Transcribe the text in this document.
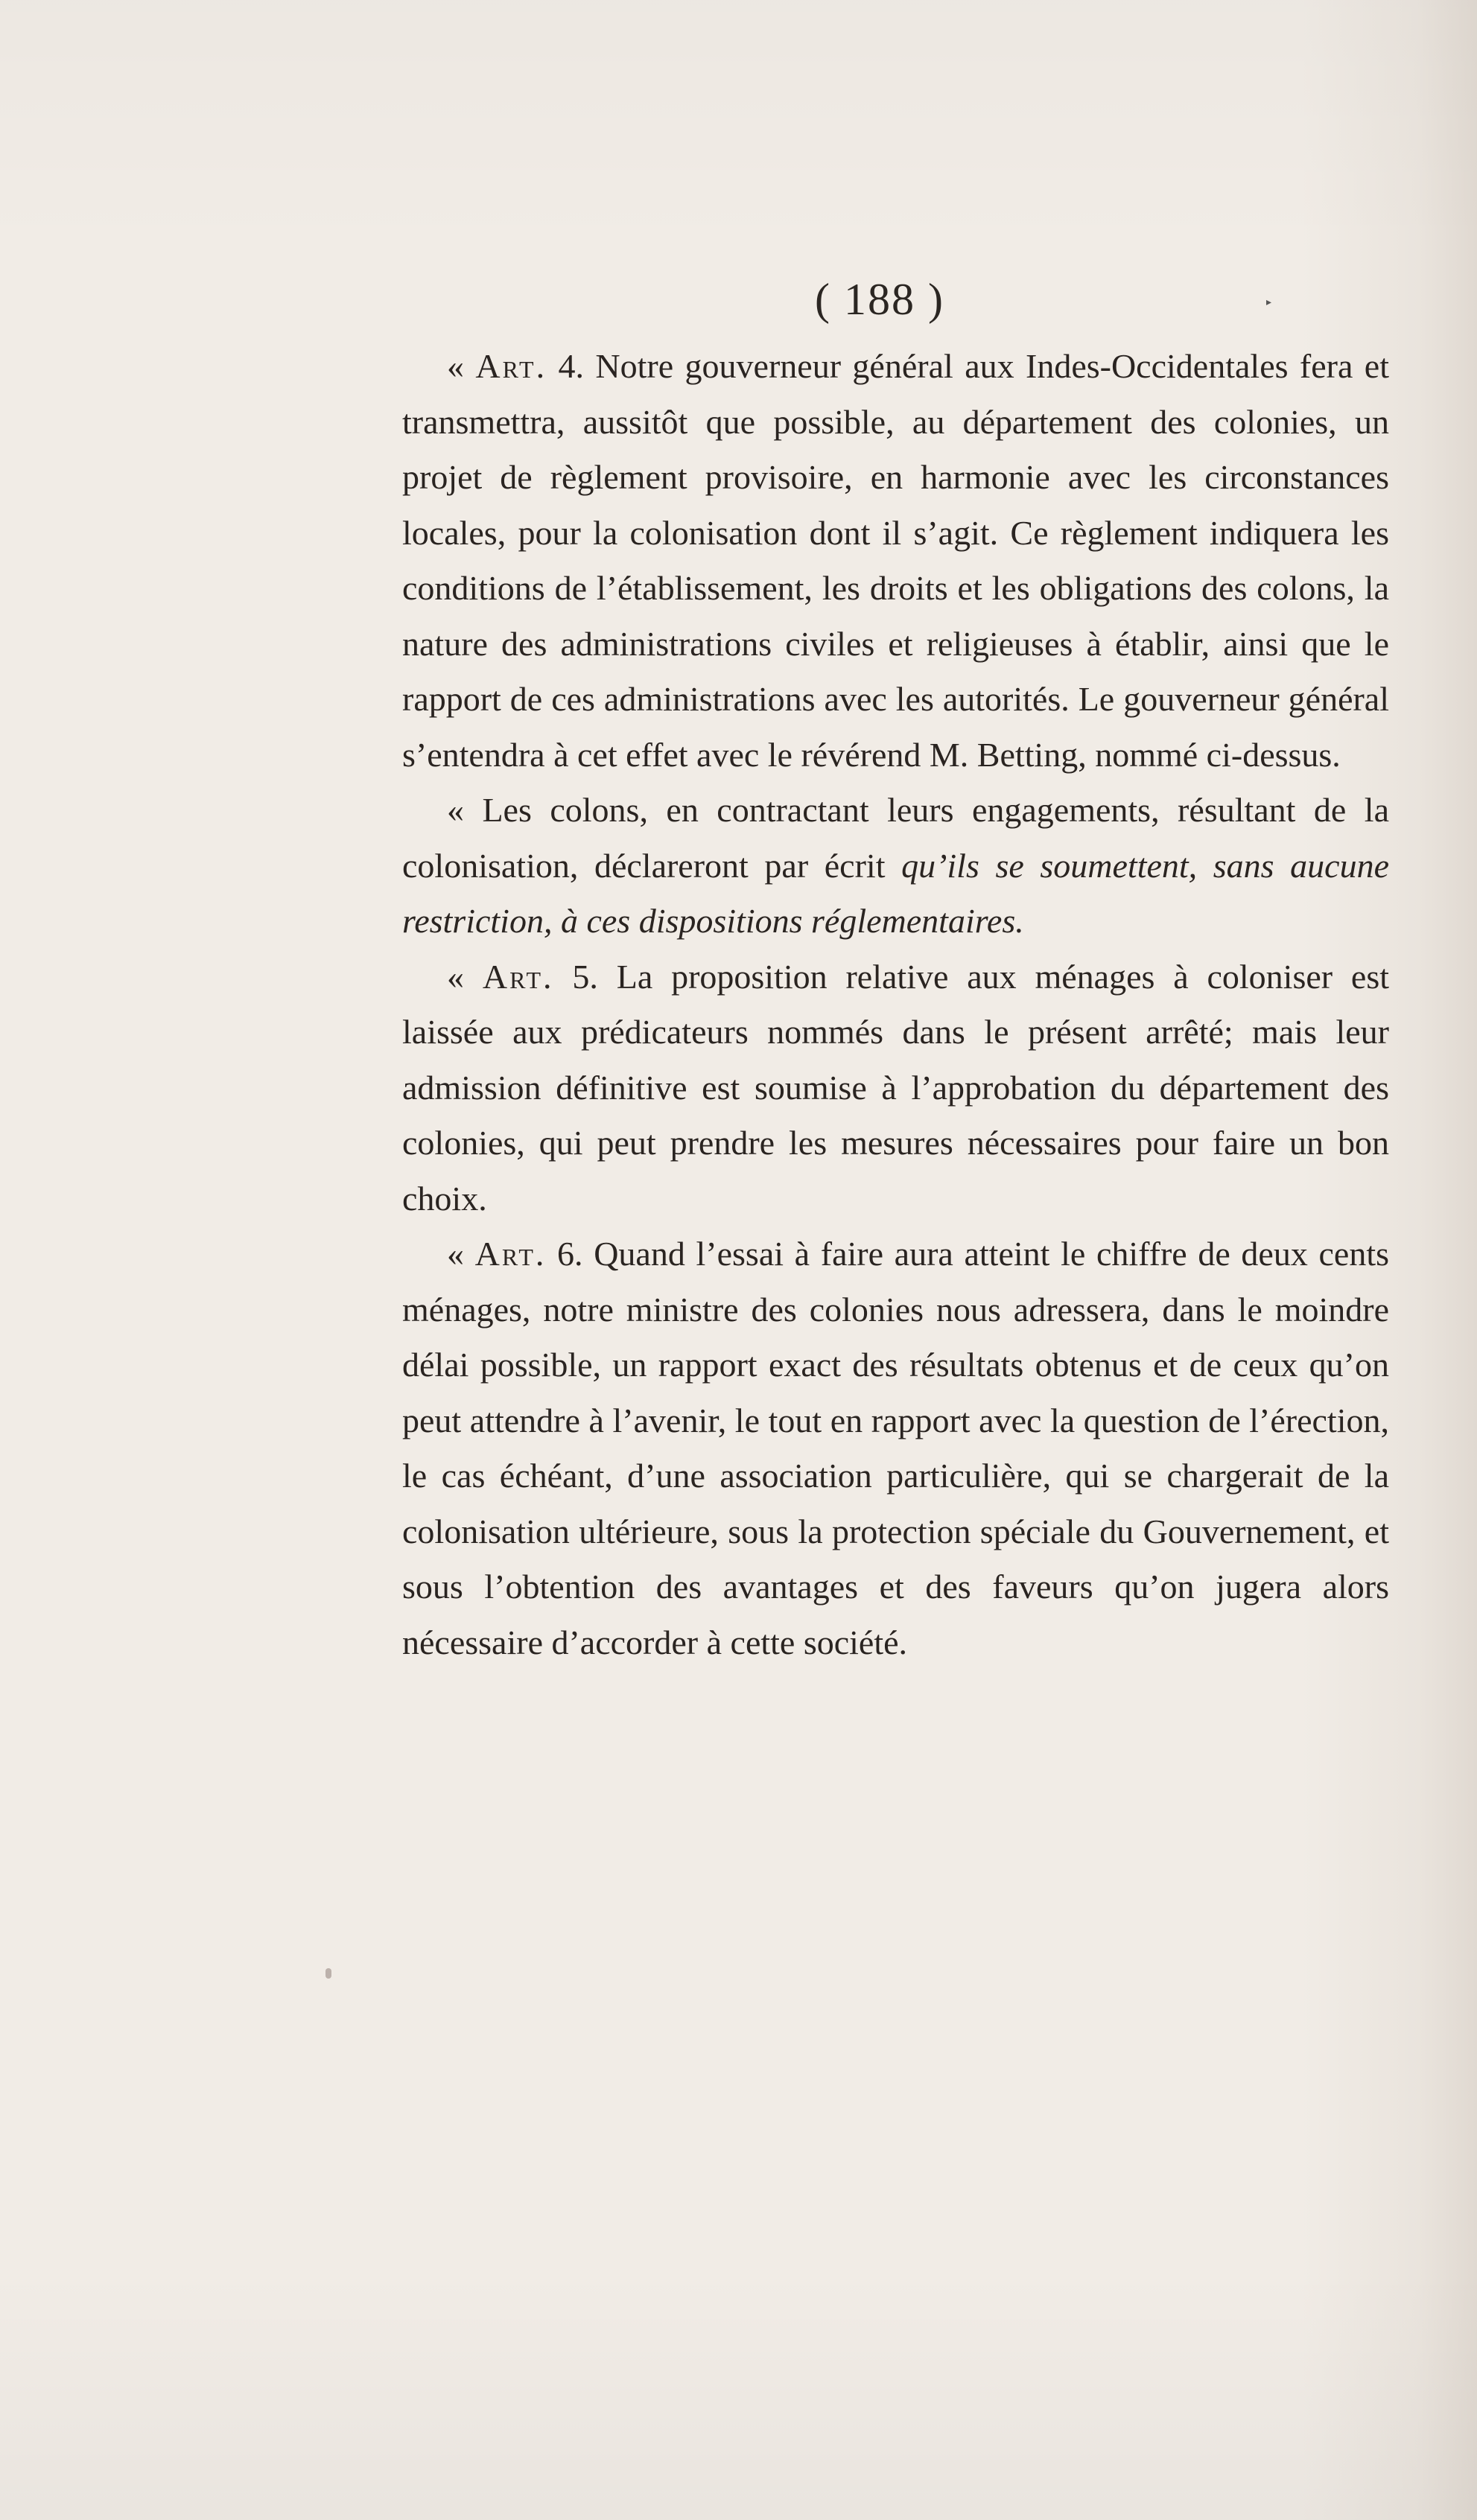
( 188 )	▸

« Art. 4. Notre gouverneur général aux Indes-Occidentales fera et transmettra, aussitôt que possible, au département des colonies, un projet de règlement provisoire, en harmonie avec les circonstances locales, pour la colonisation dont il s’agit. Ce règlement indiquera les conditions de l’établissement, les droits et les obligations des colons, la nature des administrations civiles et religieuses à établir, ainsi que le rapport de ces administrations avec les autorités. Le gouverneur général s’entendra à cet effet avec le révérend M. Betting, nommé ci-dessus.

« Les colons, en contractant leurs engagements, résultant de la colonisation, déclareront par écrit qu’ils se soumettent, sans aucune restriction, à ces dispositions réglementaires.

« Art. 5. La proposition relative aux ménages à coloniser est laissée aux prédicateurs nommés dans le présent arrêté; mais leur admission définitive est soumise à l’approbation du département des colonies, qui peut prendre les mesures nécessaires pour faire un bon choix.

« Art. 6. Quand l’essai à faire aura atteint le chiffre de deux cents ménages, notre ministre des colonies nous adressera, dans le moindre délai possible, un rapport exact des résultats obtenus et de ceux qu’on peut attendre à l’avenir, le tout en rapport avec la question de l’érection, le cas échéant, d’une association particulière, qui se chargerait de la colonisation ultérieure, sous la protection spéciale du Gouvernement, et sous l’obtention des avantages et des faveurs qu’on jugera alors nécessaire d’accorder à cette société.
